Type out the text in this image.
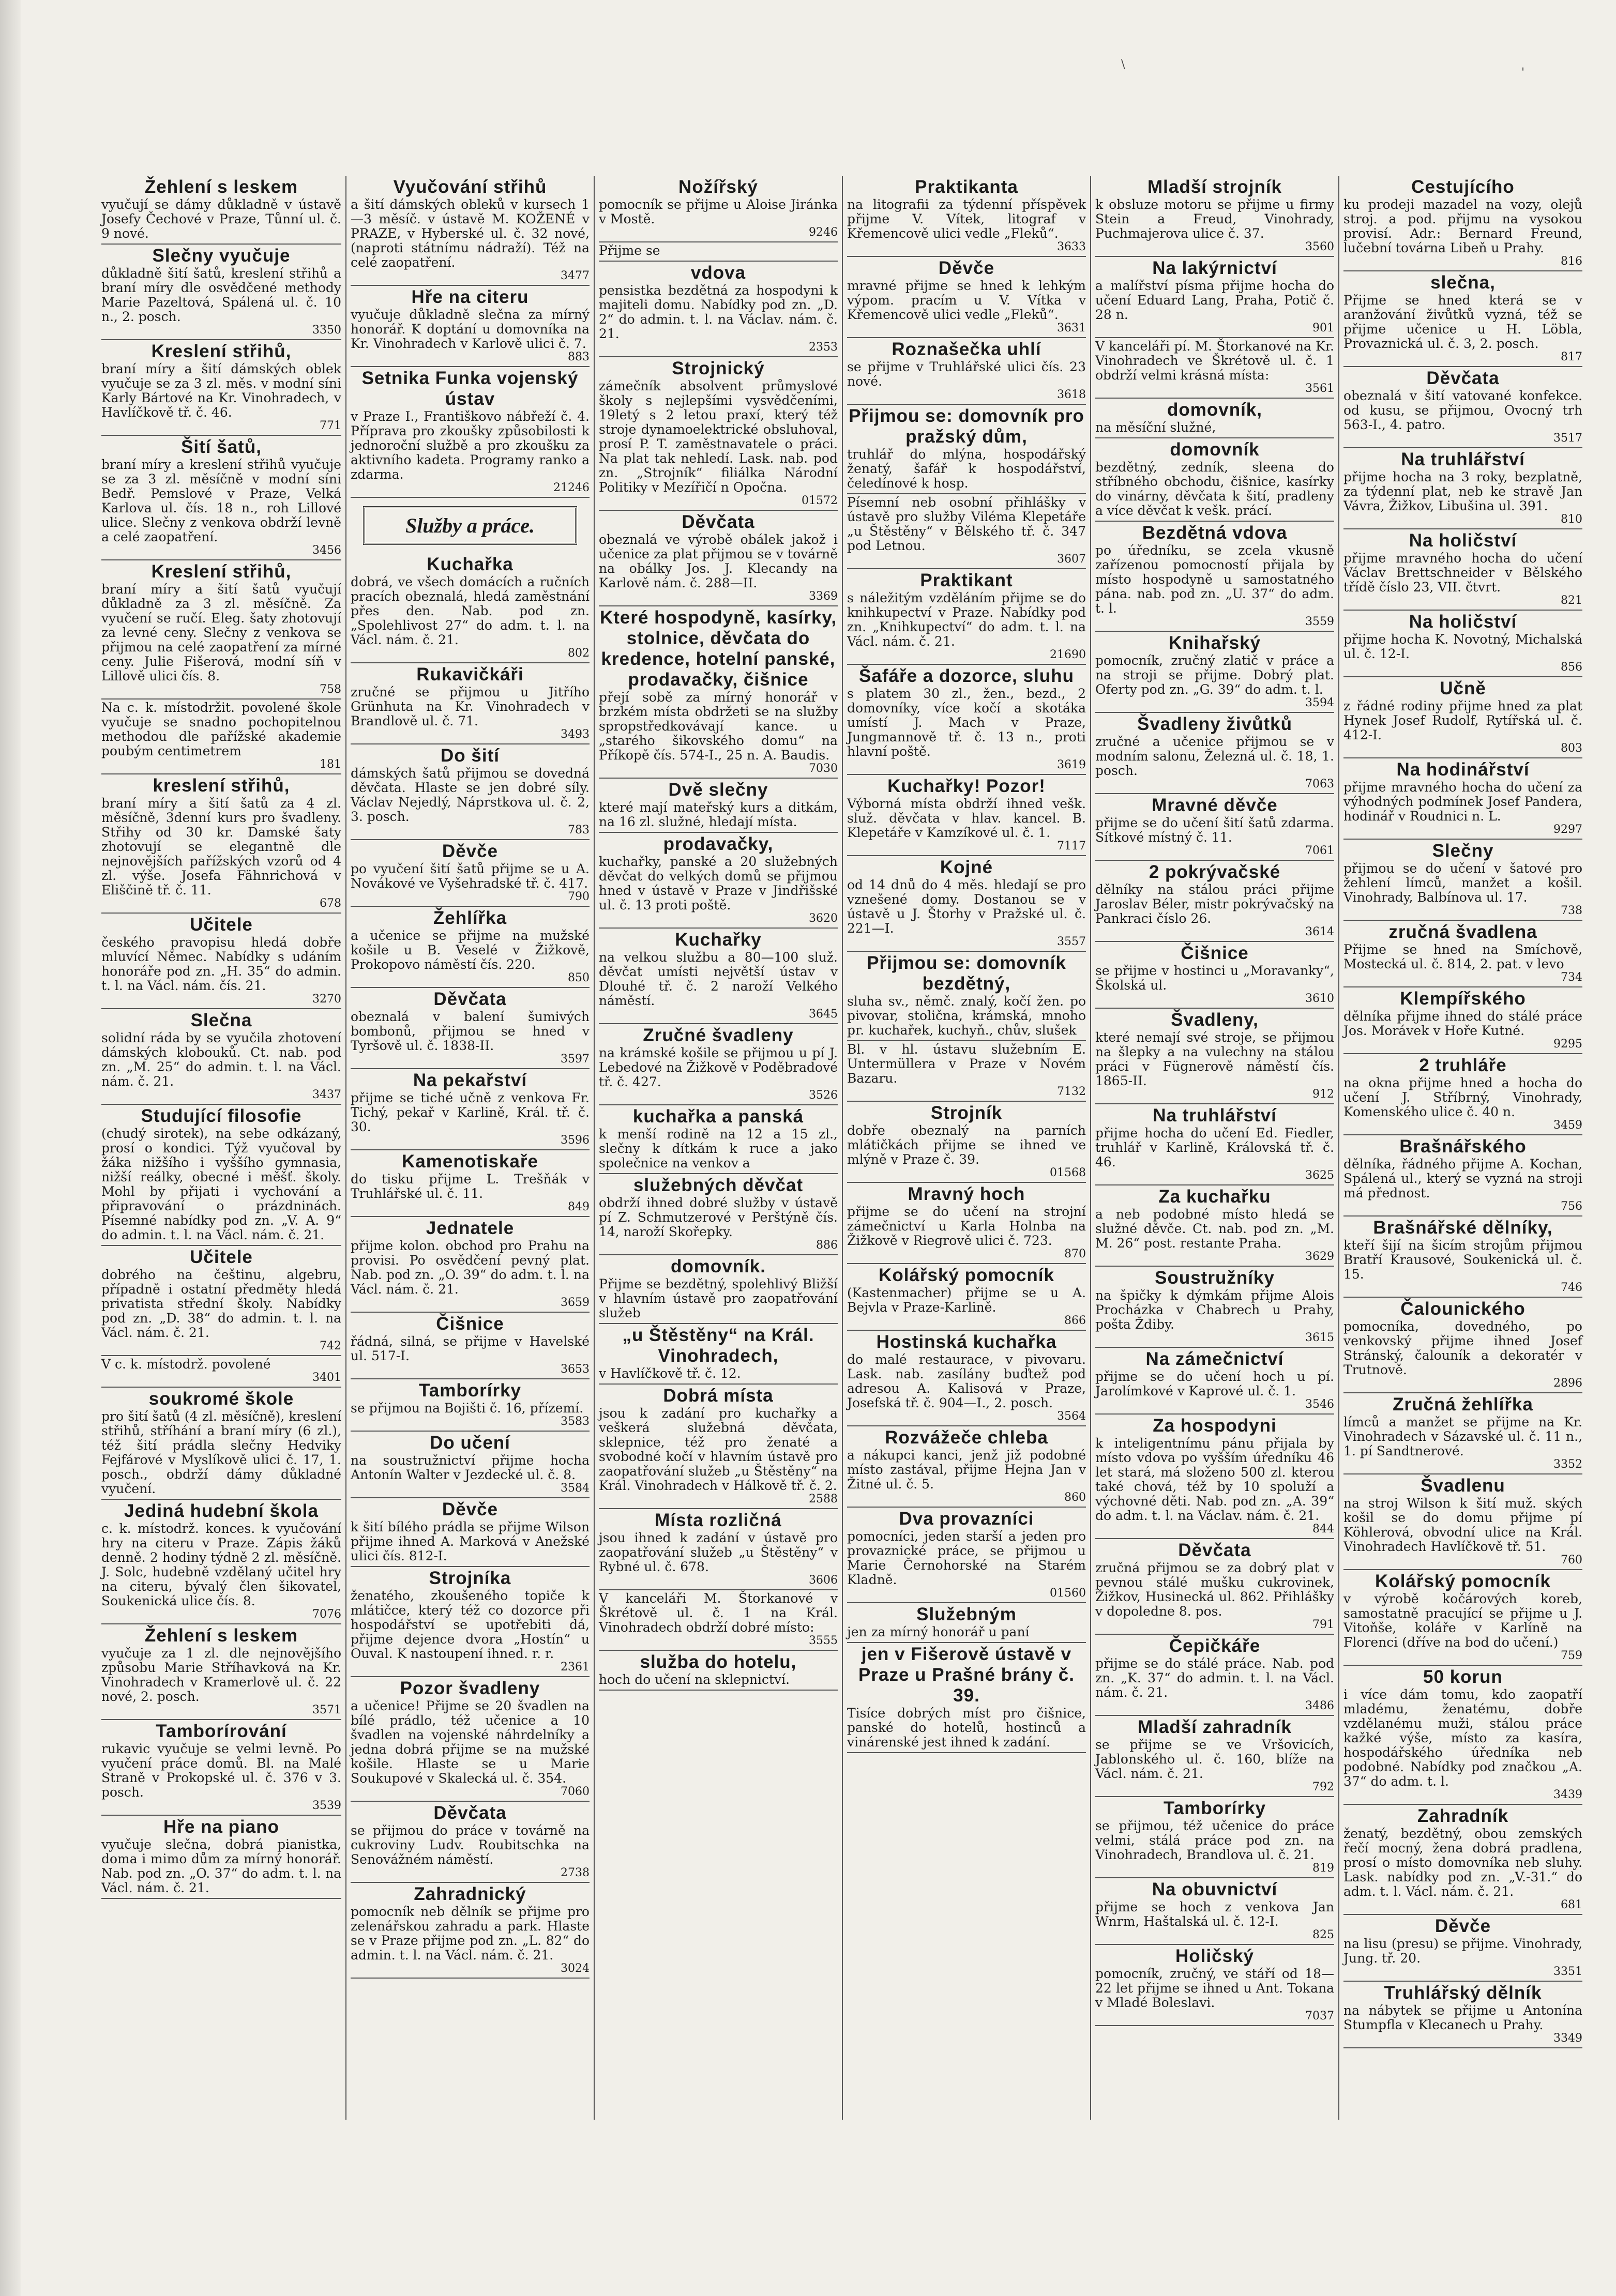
\
'
Žehlení s leskem

vyučují se dámy důkladně v ústavě Josefy Čechové v Praze, Tůnní ul. č. 9 nové.

Slečny vyučuje

důkladně šití šatů, kreslení střihů a braní míry dle osvědčené methody Marie Pazeltová, Spálená ul. č. 10 n., 2. posch.

3350
Kreslení střihů,

braní míry a šití dámských oblek vyučuje se za 3 zl. měs. v modní síni Karly Bártové na Kr. Vinohradech, v Havlíčkově tř. č. 46.

771
Šití šatů,

braní míry a kreslení střihů vyučuje se za 3 zl. měsíčně v modní síni Bedř. Pemslové v Praze, Velká Karlova ul. čís. 18 n., roh Lillové ulice. Slečny z venkova obdrží levně a celé zaopatření.

3456
Kreslení střihů,

braní míry a šití šatů vyučují důkladně za 3 zl. měsíčně. Za vyučení se ručí. Eleg. šaty zhotovují za levné ceny. Slečny z venkova se přijmou na celé zaopatření za mírné ceny. Julie Fišerová, modní síň v Lillově ulici čís. 8.

758

Na c. k. místodržit. povolené škole vyučuje se snadno pochopitelnou methodou dle pařížské akademie poubým centimetrem

181
kreslení střihů,

braní míry a šití šatů za 4 zl. měsíčně, 3denní kurs pro švadleny. Střihy od 30 kr. Damské šaty zhotovují se elegantně dle nejnovějších pařížských vzorů od 4 zl. výše. Josefa Fähnrichová v Eliščině tř. č. 11.

678
Učitele

českého pravopisu hledá dobře mluvící Němec. Nabídky s udáním honoráře pod zn. „H. 35“ do admin. t. l. na Václ. nám. čís. 21.

3270
Slečna

solidní ráda by se vyučila zhotovení dámských klobouků. Ct. nab. pod zn. „M. 25“ do admin. t. l. na Václ. nám. č. 21.

3437
Studující filosofie

(chudý sirotek), na sebe odkázaný, prosí o kondici. Týž vyučoval by žáka nižšího i vyššího gymnasia, nižší reálky, obecné i měšť. školy. Mohl by přijati i vychování a připravování o prázdninách. Písemné nabídky pod zn. „V. A. 9“ do admin. t. l. na Václ. nám. č. 21.

Učitele

dobrého na češtinu, algebru, případně i ostatní předměty hledá privatista střední školy. Nabídky pod zn. „D. 38“ do admin. t. l. na Václ. nám. č. 21.

742

V c. k. místodrž. povolené

3401
soukromé škole

pro šití šatů (4 zl. měsíčně), kreslení střihů, stříhání a braní míry (6 zl.), též šití prádla slečny Hedviky Fejfárové v Myslíkově ulici č. 17, 1. posch., obdrží dámy důkladné vyučení.

Jediná hudební škola

c. k. místodrž. konces. k vyučování hry na citeru v Praze. Zápis žáků denně. 2 hodiny týdně 2 zl. měsíčně. J. Solc, hudebně vzdělaný učitel hry na citeru, bývalý člen šikovatel, Soukenická ulice čís. 8.

7076
Žehlení s leskem

vyučuje za 1 zl. dle nejnovějšího způsobu Marie Stříhavková na Kr. Vinohradech v Kramerlově ul. č. 22 nové, 2. posch.

3571
Tamborírování

rukavic vyučuje se velmi levně. Po vyučení práce domů. Bl. na Malé Straně v Prokopské ul. č. 376 v 3. posch.

3539
Hře na piano

vyučuje slečna, dobrá pianistka, doma i mimo dům za mírný honorář. Nab. pod zn. „O. 37“ do adm. t. l. na Václ. nám. č. 21.

Vyučování střihů

a šití dámských obleků v kursech 1—3 měsíč. v ústavě M. KOŽENÉ v PRAZE, v Hyberské ul. č. 32 nové, (naproti státnímu nádraží). Též na celé zaopatření.

3477
Hře na citeru

vyučuje důkladně slečna za mírný honorář. K doptání u domovníka na Kr. Vinohradech v Karlově ulici č. 7.

883
Setnika Funka vojenský ústav

v Praze I., Františkovo nábřeží č. 4. Příprava pro zkoušky způsobilosti k jednoroční službě a pro zkoušku za aktivního kadeta. Programy ranko a zdarma.

21246
Služby a práce.
Kuchařka

dobrá, ve všech domácích a ručních pracích obeznalá, hledá zaměstnání přes den. Nab. pod zn. „Spolehlivost 27“ do adm. t. l. na Václ. nám. č. 21.

802
Rukavičkáři

zručné se přijmou u Jitřího Grünhuta na Kr. Vinohradech v Brandlově ul. č. 71.

3493
Do šití

dámských šatů přijmou se dovedná děvčata. Hlaste se jen dobré síly. Václav Nejedlý, Náprstkova ul. č. 2, 3. posch.

783
Děvče

po vyučení šití šatů přijme se u A. Novákové ve Vyšehradské tř. č. 417.

790
Žehlířka

a učenice se přijme na mužské košile u B. Veselé v Žižkově, Prokopovo náměstí čís. 220.

850
Děvčata

obeznalá v balení šumivých bombonů, přijmou se hned v Tyršově ul. č. 1838-II.

3597
Na pekařství

přijme se tiché učně z venkova Fr. Tichý, pekař v Karlině, Král. tř. č. 30.

3596
Kamenotiskaře

do tisku přijme L. Trešňák v Truhlářské ul. č. 11.

849
Jednatele

přijme kolon. obchod pro Prahu na provisi. Po osvědčení pevný plat. Nab. pod zn. „O. 39“ do adm. t. l. na Václ. nám. č. 21.

3659
Čišnice

řádná, silná, se přijme v Havelské ul. 517-I.

3653
Tamborírky

se přijmou na Bojišti č. 16, přízemí.

3583
Do učení

na soustružnictví přijme hocha Antonín Walter v Jezdecké ul. č. 8.

3584
Děvče

k šití bílého prádla se přijme Wilson přijme ihned A. Marková v Anežské ulici čís. 812-I.

Strojníka

ženatého, zkoušeného topiče k mlátičce, který též co dozorce při hospodářství se upotřebiti dá, přijme dejence dvora „Hostín“ u Ouval. K nastoupení ihned. r. r.

2361
Pozor švadleny

a učenice! Přijme se 20 švadlen na bílé prádlo, též učenice a 10 švadlen na vojenské náhrdelníky a jedna dobrá přijme se na mužské košile. Hlaste se u Marie Soukupové v Skalecká ul. č. 354.

7060
Děvčata

se přijmou do práce v továrně na cukroviny Ludv. Roubitschka na Senovážném náměstí.

2738
Zahradnický

pomocník neb dělník se přijme pro zelenářskou zahradu a park. Hlaste se v Praze přijme pod zn. „L. 82“ do admin. t. l. na Václ. nám. č. 21.

3024
Nožířský

pomocník se přijme u Aloise Jiránka v Mostě.

9246

Přijme se

vdova

pensistka bezdětná za hospodyni k majiteli domu. Nabídky pod zn. „D. 2“ do admin. t. l. na Václav. nám. č. 21.

2353
Strojnický

zámečník absolvent průmyslové školy s nejlepšími vysvědčeními, 19letý s 2 letou praxí, který též stroje dynamoelektrické obsluhoval, prosí P. T. zaměstnavatele o práci. Na plat tak nehledí. Lask. nab. pod zn. „Strojník“ filiálka Národní Politiky v Mezířičí n Opočna.

01572
Děvčata

obeznalá ve výrobě obálek jakož i učenice za plat přijmou se v továrně na obálky Jos. J. Klecandy na Karlově nám. č. 288—II.

3369
Které hospodyně, kasírky, stolnice, děvčata do kredence, hotelní panské, prodavačky, čišnice

přejí sobě za mírný honorář v brzkém místa obdržeti se na služby spropstředkovávají kance. u „starého šikovského domu“ na Příkopě čís. 574-I., 25 n. A. Baudis.

7030
Dvě slečny

které mají mateřský kurs a ditkám, na 16 zl. služné, hledají místa.

prodavačky,

kuchařky, panské a 20 služebných děvčat do velkých domů se přijmou hned v ústavě v Praze v Jindřišské ul. č. 13 proti poště.

3620
Kuchařky

na velkou službu a 80—100 služ. děvčat umísti největší ústav v Dlouhé tř. č. 2 naroží Velkého náměstí.

3645
Zručné švadleny

na krámské košile se přijmou u pí J. Lebedové na Žižkově v Poděbradové tř. č. 427.

3526
kuchařka a panská

k menší rodině na 12 a 15 zl., slečny k dítkám k ruce a jako společnice na venkov a

služebných děvčat

obdrží ihned dobré služby v ústavě pí Z. Schmutzerové v Perštýně čís. 14, naroží Skořepky.

886
domovník.

Přijme se bezdětný, spolehlivý Bližší v hlavním ústavě pro zaopatřování služeb

„u Štěstěny“ na Král. Vinohradech,

v Havlíčkově tř. č. 12.

Dobrá místa

jsou k zadání pro kuchařky a veškerá služebná děvčata, sklepnice, též pro ženaté a svobodné kočí v hlavním ústavě pro zaopatřování služeb „u Štěstěny“ na Král. Vinohradech v Hálkově tř. č. 2.

2588
Místa rozličná

jsou ihned k zadání v ústavě pro zaopatřování služeb „u Štěstěny“ v Rybné ul. č. 678.

3606

V kanceláři M. Štorkanové v Škrétově ul. č. 1 na Král. Vinohradech obdrží dobré místo:

3555
služba do hotelu,

hoch do učení na sklepnictví.

Praktikanta

na litografii za týdenní příspěvek přijme V. Vítek, litograf v Křemencově ulici vedle „Fleků“.

3633
Děvče

mravné přijme se hned k lehkým výpom. pracím u V. Vítka v Křemencově ulici vedle „Fleků“.

3631
Roznašečka uhlí

se přijme v Truhlářské ulici čís. 23 nové.

3618
Přijmou se: domovník pro pražský dům,

truhlář do mlýna, hospodářský ženatý, šafář k hospodářství, čeledínové k hosp.

Písemní neb osobní přihlášky v ústavě pro služby Viléma Klepetáře „u Štěstěny“ v Bělského tř. č. 347 pod Letnou.

3607
Praktikant

s náležitým vzděláním přijme se do knihkupectví v Praze. Nabídky pod zn. „Knihkupectví“ do adm. t. l. na Václ. nám. č. 21.

21690
Šafáře a dozorce, sluhu

s platem 30 zl., žen., bezd., 2 domovníky, více kočí a skotáka umístí J. Mach v Praze, Jungmannově tř. č. 13 n., proti hlavní poště.

3619
Kuchařky! Pozor!

Výborná místa obdrží ihned vešk. služ. děvčata v hlav. kancel. B. Klepetáře v Kamzíkové ul. č. 1.

7117
Kojné

od 14 dnů do 4 měs. hledají se pro vznešené domy. Dostanou se v ústavě u J. Štorhy v Pražské ul. č. 221—I.

3557
Přijmou se: domovník bezdětný,

sluha sv., němč. znalý, kočí žen. po pivovar, stolična, krámská, mnoho pr. kuchařek, kuchyň., chův, slušek

Bl. v hl. ústavu služebním E. Untermüllera v Praze v Novém Bazaru.

7132
Strojník

dobře obeznalý na parních mlátičkách přijme se ihned ve mlýně v Praze č. 39.

01568
Mravný hoch

přijme se do učení na strojní zámečnictví u Karla Holnba na Žižkově v Riegrově ulici č. 723.

870
Kolářský pomocník

(Kastenmacher) přijme se u A. Bejvla v Praze-Karlině.

866
Hostinská kuchařka

do malé restaurace, v pivovaru. Lask. nab. zasílány buďtež pod adresou A. Kalisová v Praze, Josefská tř. č. 904—I., 2. posch.

3564
Rozvážeče chleba

a nákupci kanci, jenž již podobné místo zastával, přijme Hejna Jan v Žitné ul. č. 5.

860
Dva provazníci

pomocníci, jeden starší a jeden pro provaznické práce, se přijmou u Marie Černohorské na Starém Kladně.

01560
Služebným

jen za mírný honorář u paní

jen v Fišerově ústavě v Praze u Prašné brány č. 39.

Tisíce dobrých míst pro čišnice, panské do hotelů, hostinců a vinárenské jest ihned k zadání.

Mladší strojník

k obsluze motoru se přijme u firmy Stein a Freud, Vinohrady, Puchmajerova ulice č. 37.

3560
Na lakýrnictví

a malířství písma přijme hocha do učení Eduard Lang, Praha, Potič č. 28 n.

901

V kanceláři pí. M. Štorkanové na Kr. Vinohradech ve Škrétově ul. č. 1 obdrží velmi krásná místa:

3561
domovník,

na měsíční služné,

domovník

bezdětný, zedník, sleena do stříbného obchodu, čišnice, kasírky do vinárny, děvčata k šití, pradleny a více děvčat k vešk. prácí.

Bezdětná vdova

po úředníku, se zcela vkusně zařízenou pomocností přijala by místo hospodyně u samostatného pána. nab. pod zn. „U. 37“ do adm. t. l.

3559
Knihařský

pomocník, zručný zlatič v práce a na stroji se přijme. Dobrý plat. Oferty pod zn. „G. 39“ do adm. t. l.

3594
Švadleny živůtků

zručné a učenice přijmou se v modním salonu, Železná ul. č. 18, 1. posch.

7063
Mravné děvče

přijme se do učení šití šatů zdarma. Sítkové místný č. 11.

7061
2 pokrývačské

dělníky na stálou práci přijme Jaroslav Béler, mistr pokrývačský na Pankraci číslo 26.

3614
Čišnice

se přijme v hostinci u „Moravanky“, Školská ul.

3610
Švadleny,

které nemají své stroje, se přijmou na šlepky a na vulechny na stálou práci v Fügnerově náměstí čís. 1865-II.

912
Na truhlářství

přijme hocha do učení Ed. Fiedler, truhlář v Karlině, Královská tř. č. 46.

3625
Za kuchařku

a neb podobné místo hledá se služné děvče. Ct. nab. pod zn. „M. M. 26“ post. restante Praha.

3629
Soustružníky

na špičky k dýmkám přijme Alois Procházka v Chabrech u Prahy, pošta Ždiby.

3615
Na zámečnictví

přijme se do učení hoch u pí. Jarolímkové v Kaprové ul. č. 1.

3546
Za hospodyni

k inteligentnímu pánu přijala by místo vdova po vyšším úředníku 46 let stará, má složeno 500 zl. kterou také chová, též by 10 spoluží a výchovné děti. Nab. pod zn. „A. 39“ do adm. t. l. na Václav. nám. č. 21.

844
Děvčata

zručná přijmou se za dobrý plat v pevnou stálé mušku cukrovinek, Žižkov, Husinecká ul. 862. Přihlášky v dopoledne 8. pos.

791
Čepičkáře

přijme se do stálé práce. Nab. pod zn. „K. 37“ do admin. t. l. na Václ. nám. č. 21.

3486
Mladší zahradník

se přijme se ve Vršovicích, Jablonského ul. č. 160, blíže na Václ. nám. č. 21.

792
Tamborírky

se přijmou, též učenice do práce velmi, stálá práce pod zn. na Vinohradech, Brandlova ul. č. 21.

819
Na obuvnictví

přijme se hoch z venkova Jan Wnrm, Haštalská ul. č. 12-I.

825
Holičský

pomocník, zručný, ve stáří od 18—22 let přijme se ihned u Ant. Tokana v Mladé Boleslavi.

7037
Cestujícího

ku prodeji mazadel na vozy, olejů stroj. a pod. přijmu na vysokou provisí. Adr.: Bernard Freund, lučební továrna Libeň u Prahy.

816
slečna,

Přijme se hned která se v aranžování živůtků vyzná, též se přijme učenice u H. Löbla, Provaznická ul. č. 3, 2. posch.

817
Děvčata

obeznalá v šití vatované konfekce. od kusu, se přijmou, Ovocný trh 563-I., 4. patro.

3517
Na truhlářství

přijme hocha na 3 roky, bezplatně, za týdenní plat, neb ke stravě Jan Vávra, Žižkov, Libušina ul. 391.

810
Na holičství

přijme mravného hocha do učení Václav Brettschneider v Bělského třídě číslo 23, VII. čtvrt.

821
Na holičství

přijme hocha K. Novotný, Michalská ul. č. 12-I.

856
Učně

z řádné rodiny přijme hned za plat Hynek Josef Rudolf, Rytířská ul. č. 412-I.

803
Na hodinářství

přijme mravného hocha do učení za výhodných podmínek Josef Pandera, hodinář v Roudnici n. L.

9297
Slečny

přijmou se do učení v šatové pro žehlení límců, manžet a košil. Vinohrady, Balbínova ul. 17.

738
zručná švadlena

Přijme se hned na Smíchově, Mostecká ul. č. 814, 2. pat. v levo

734
Klempířského

dělníka přijme ihned do stálé práce Jos. Morávek v Hoře Kutné.

9295
2 truhláře

na okna přijme hned a hocha do učení J. Stříbrný, Vinohrady, Komenského ulice č. 40 n.

3459
Brašnářského

dělníka, řádného přijme A. Kochan, Spálená ul., který se vyzná na stroji má přednost.

756
Brašnářské dělníky,

kteří šijí na šicím strojům přijmou Bratří Krausové, Soukenická ul. č. 15.

746
Čalounického

pomocníka, dovedného, po venkovský přijme ihned Josef Stránský, čalouník a dekoratér v Trutnově.

2896
Zručná žehlířka

límců a manžet se přijme na Kr. Vinohradech v Sázavské ul. č. 11 n., 1. pí Sandtnerové.

3352
Švadlenu

na stroj Wilson k šití muž. ských košil se do domu přijme pí Köhlerová, obvodní ulice na Král. Vinohradech Havlíčkově tř. 51.

760
Kolářský pomocník

v výrobě kočárových koreb, samostatně pracující se přijme u J. Vitoňše, koláře v Karlíně na Florenci (dříve na bod do učení.)

759
50 korun

i více dám tomu, kdo zaopatří mladému, ženatému, dobře vzdělanému muži, stálou práce kažké výše, místo za kasíra, hospodářského úředníka neb podobné. Nabídky pod značkou „A. 37“ do adm. t. l.

3439
Zahradník

ženatý, bezdětný, obou zemských řečí mocný, žena dobrá pradlena, prosí o místo domovníka neb sluhy. Lask. nabídky pod zn. „V.-31.“ do adm. t. l. Václ. nám. č. 21.

681
Děvče

na lisu (presu) se přijme. Vinohrady, Jung. tř. 20.

3351
Truhlářský dělník

na nábytek se přijme u Antonína Stumpfla v Klecanech u Prahy.

3349
